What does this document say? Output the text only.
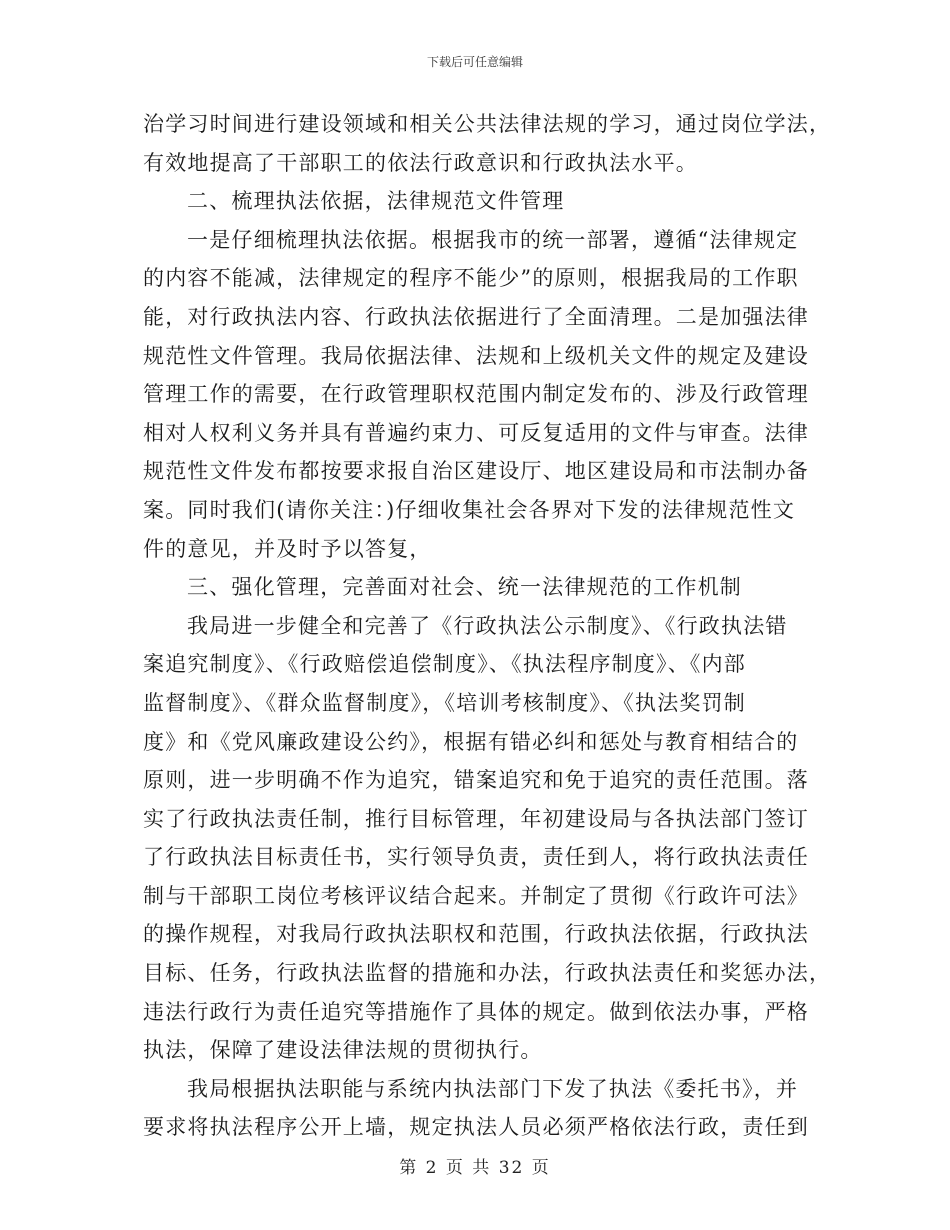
下载后可任意编辑
治学习时间进行建设领域和相关公共法律法规的学习，通过岗位学法，
有效地提高了干部职工的依法行政意识和行政执法水平。
二、梳理执法依据，法律规范文件管理
一是仔细梳理执法依据。根据我市的统一部署，遵循“法律规定
的内容不能减，法律规定的程序不能少”的原则，根据我局的工作职
能，对行政执法内容、行政执法依据进行了全面清理。二是加强法律
规范性文件管理。我局依据法律、法规和上级机关文件的规定及建设
管理工作的需要，在行政管理职权范围内制定发布的、涉及行政管理
相对人权利义务并具有普遍约束力、可反复适用的文件与审查。法律
规范性文件发布都按要求报自治区建设厅、地区建设局和市法制办备
案。同时我们(请你关注：)仔细收集社会各界对下发的法律规范性文
件的意见，并及时予以答复，
三、强化管理，完善面对社会、统一法律规范的工作机制
我局进一步健全和完善了《行政执法公示制度》、《行政执法错
案追究制度》、《行政赔偿追偿制度》、《执法程序制度》、《内部
监督制度》、《群众监督制度》，《培训考核制度》、《执法奖罚制
度》和《党风廉政建设公约》，根据有错必纠和惩处与教育相结合的
原则，进一步明确不作为追究，错案追究和免于追究的责任范围。落
实了行政执法责任制，推行目标管理，年初建设局与各执法部门签订
了行政执法目标责任书，实行领导负责，责任到人，将行政执法责任
制与干部职工岗位考核评议结合起来。并制定了贯彻《行政许可法》
的操作规程，对我局行政执法职权和范围，行政执法依据，行政执法
目标、任务，行政执法监督的措施和办法，行政执法责任和奖惩办法，
违法行政行为责任追究等措施作了具体的规定。做到依法办事，严格
执法，保障了建设法律法规的贯彻执行。
我局根据执法职能与系统内执法部门下发了执法《委托书》，并
要求将执法程序公开上墙，规定执法人员必须严格依法行政，责任到
第 2 页 共 32 页
